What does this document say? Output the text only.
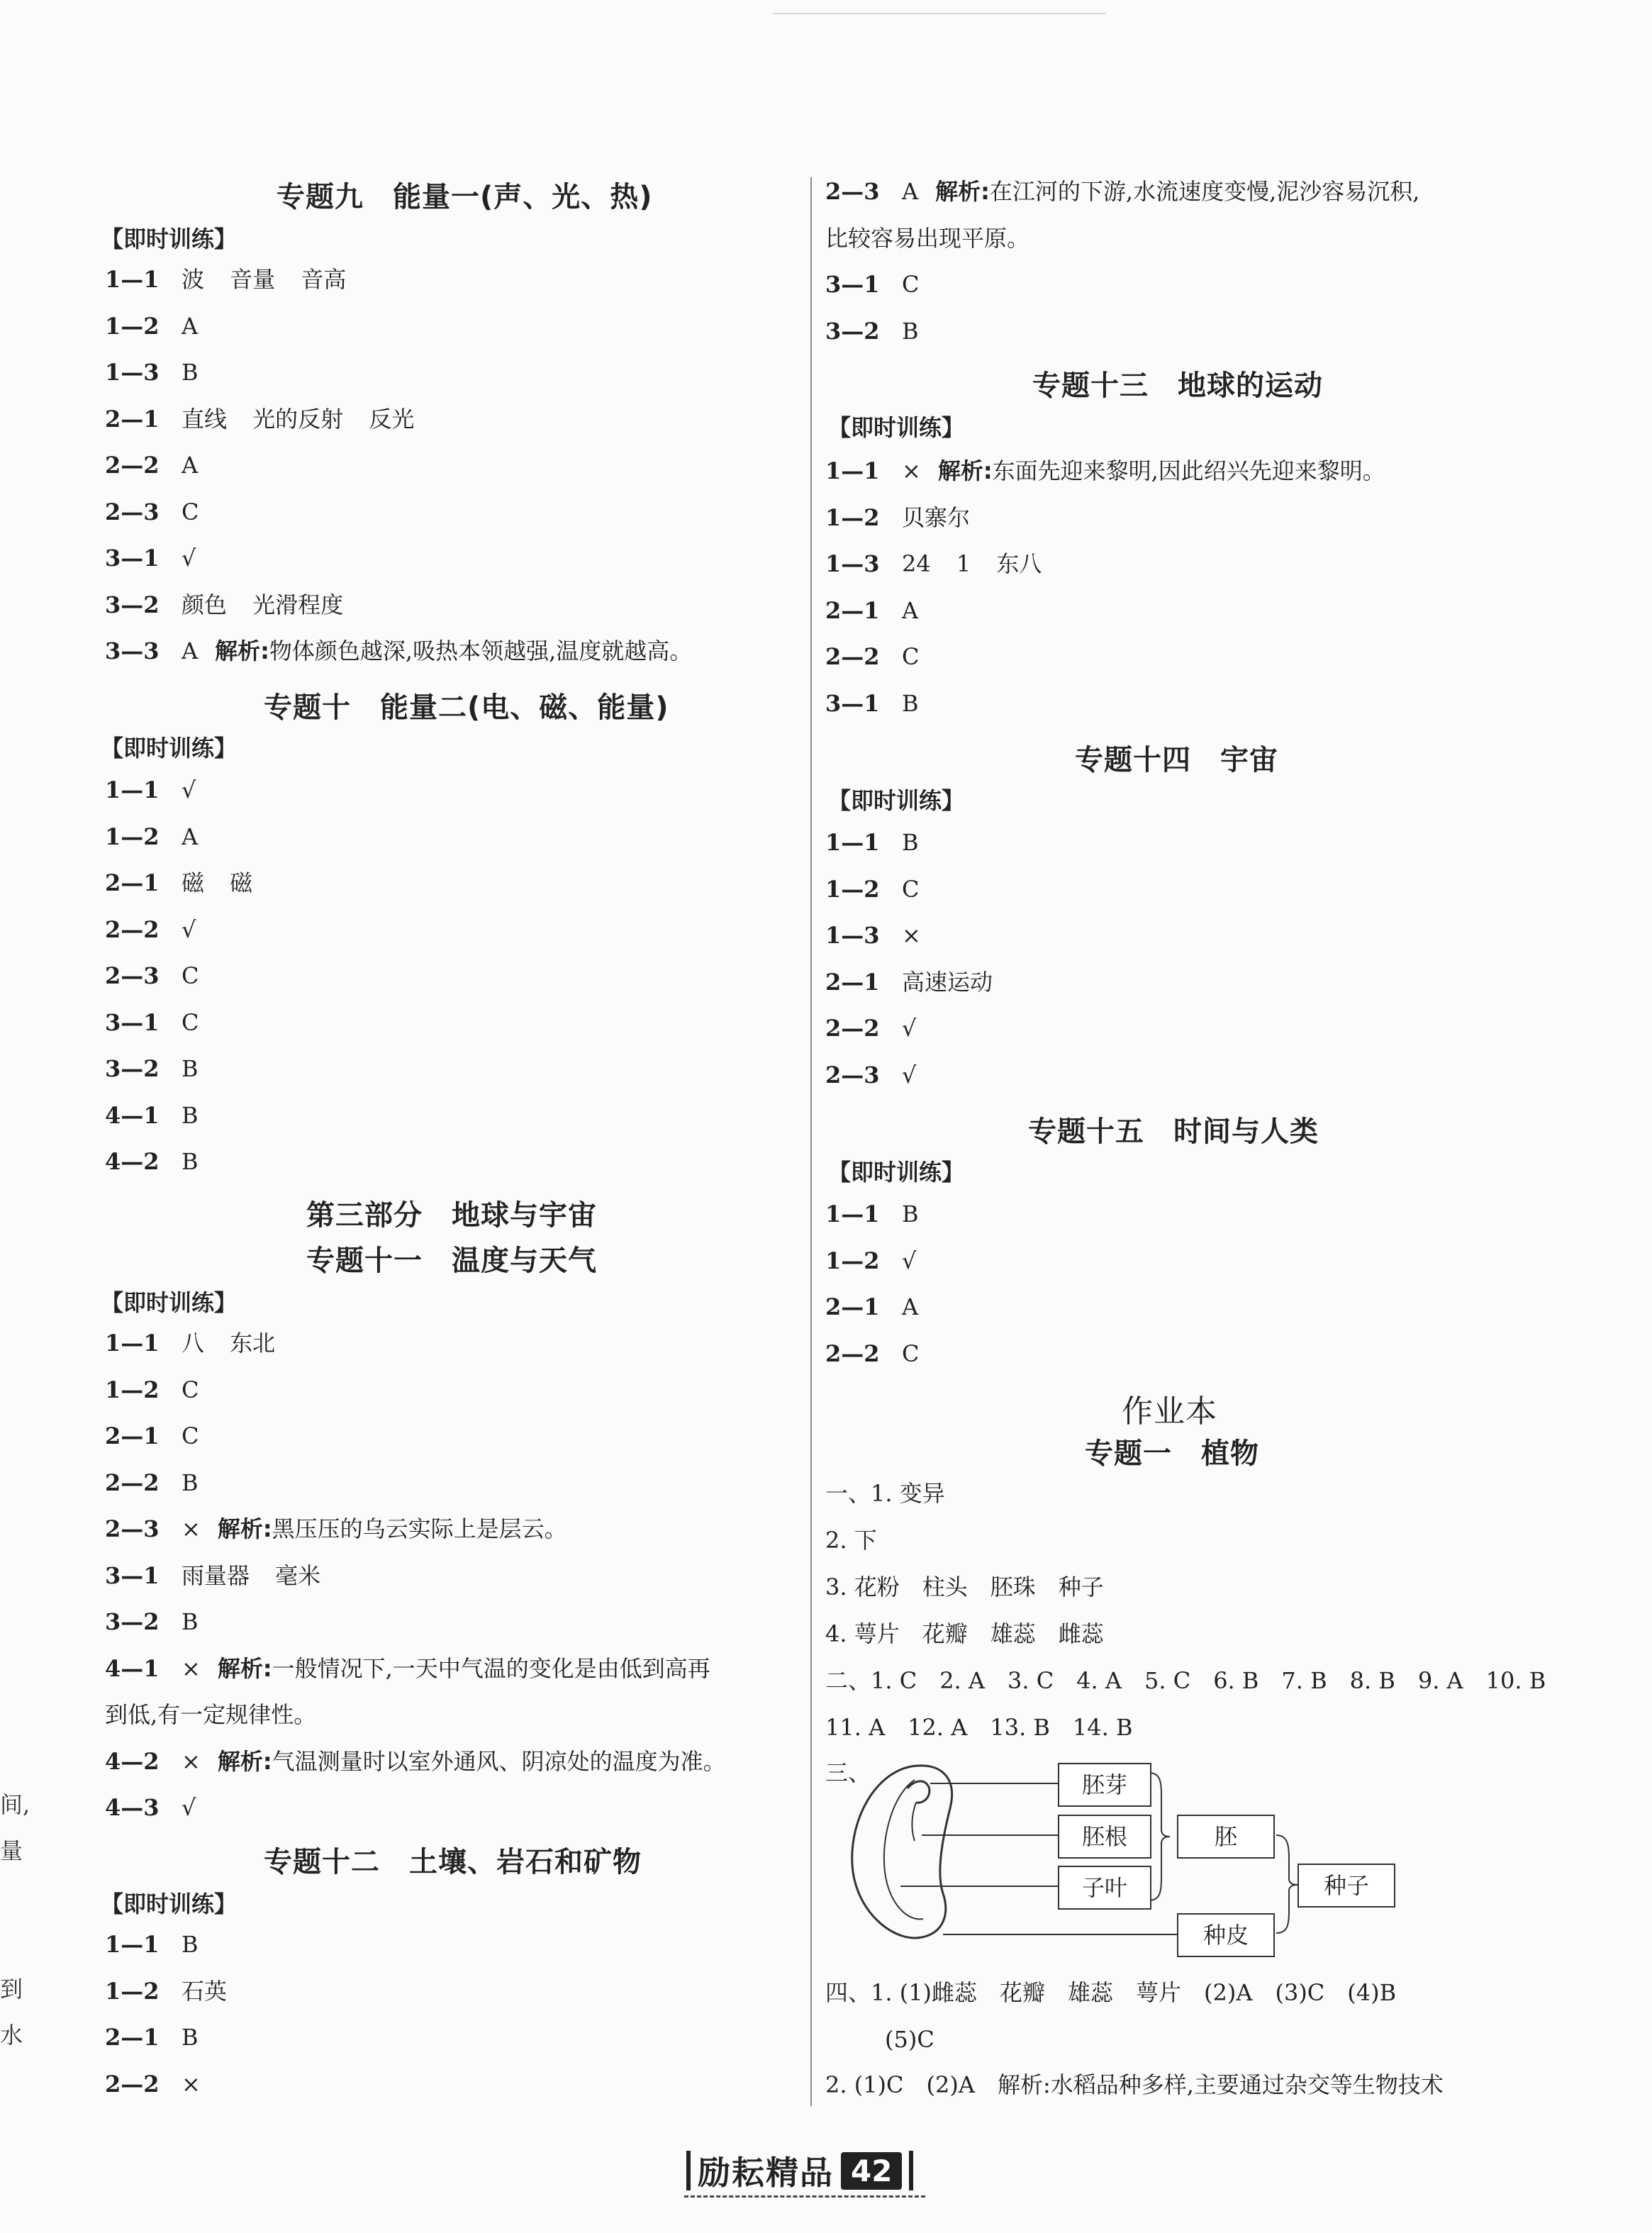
间,
量
到
水
专题九　能量一(声、光、热)
【即时训练】
1—1 波 音量 音高
1—2 A
1—3 B
2—1 直线 光的反射 反光
2—2 A
2—3 C
3—1 √
3—2 颜色 光滑程度
3—3 A 解析:物体颜色越深,吸热本领越强,温度就越高。
专题十　能量二(电、磁、能量)
【即时训练】
1—1 √
1—2 A
2—1 磁 磁
2—2 √
2—3 C
3—1 C
3—2 B
4—1 B
4—2 B
第三部分　地球与宇宙
专题十一　温度与天气
【即时训练】
1—1 八 东北
1—2 C
2—1 C
2—2 B
2—3 × 解析:黑压压的乌云实际上是层云。
3—1 雨量器 毫米
3—2 B
4—1 × 解析:一般情况下,一天中气温的变化是由低到高再
到低,有一定规律性。
4—2 × 解析:气温测量时以室外通风、阴凉处的温度为准。
4—3 √
专题十二　土壤、岩石和矿物
【即时训练】
1—1 B
1—2 石英
2—1 B
2—2 ×
2—3 A 解析:在江河的下游,水流速度变慢,泥沙容易沉积,
比较容易出现平原。
3—1 C
3—2 B
专题十三　地球的运动
【即时训练】
1—1 × 解析:东面先迎来黎明,因此绍兴先迎来黎明。
1—2 贝寨尔
1—3 24 1 东八
2—1 A
2—2 C
3—1 B
专题十四　宇宙
【即时训练】
1—1 B
1—2 C
1—3 ×
2—1 高速运动
2—2 √
2—3 √
专题十五　时间与人类
【即时训练】
1—1 B
1—2 √
2—1 A
2—2 C
作业本
专题一　植物
一、1. 变异
2. 下
3. 花粉　柱头　胚珠　种子
4. 萼片　花瓣　雄蕊　雌蕊
二、1. C　2. A　3. C　4. A　5. C　6. B　7. B　8. B　9. A　10. B
11. A　12. A　13. B　14. B
三、
四、1. (1)雌蕊　花瓣　雄蕊　萼片　(2)A　(3)C　(4)B
(5)C
2. (1)C　(2)A　解析:水稻品种多样,主要通过杂交等生物技术
胚芽
胚根
子叶
胚
种子
种皮
励耘精品 42
